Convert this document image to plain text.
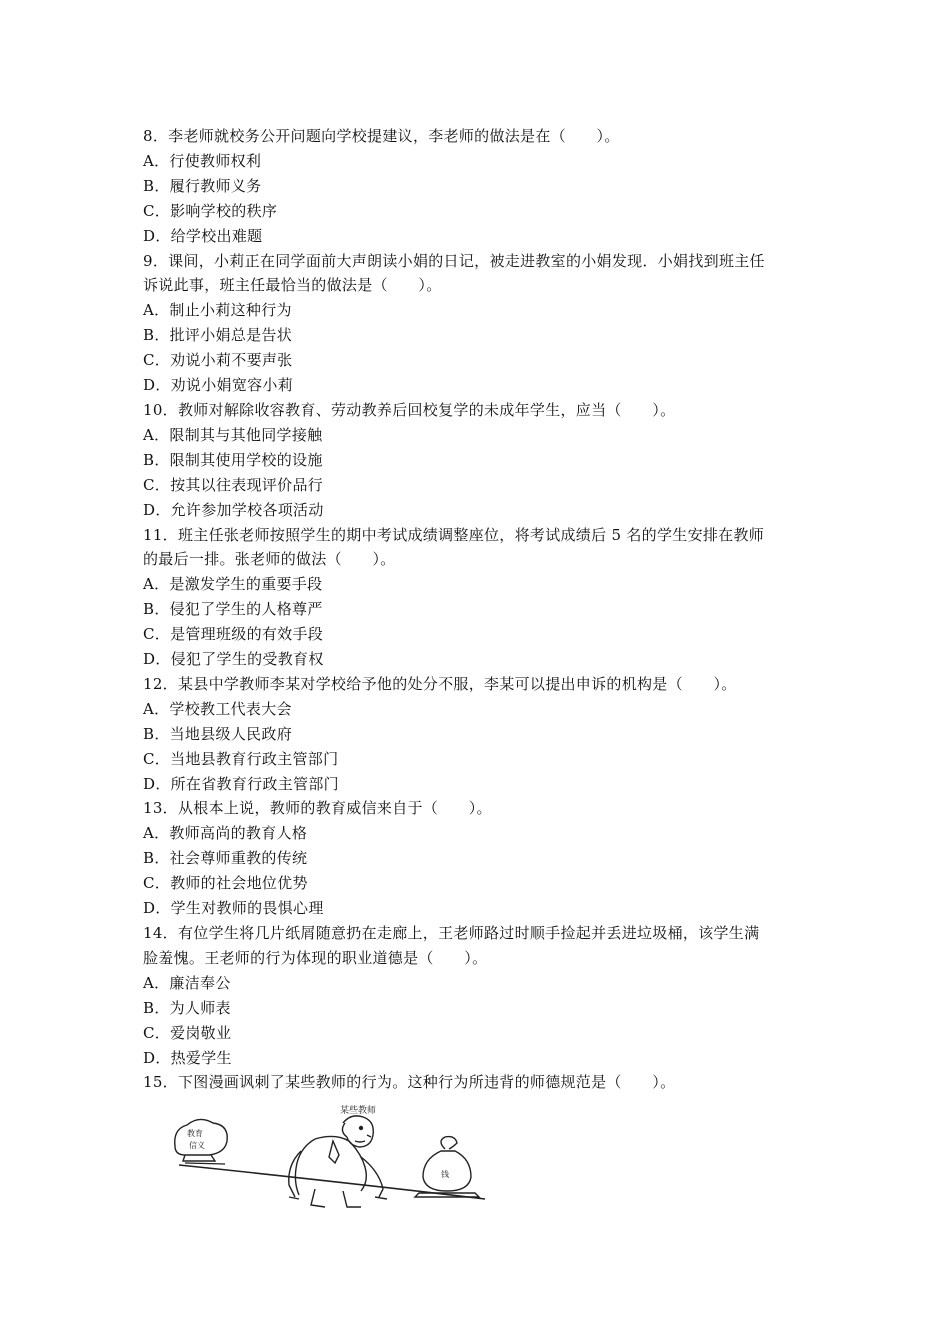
8．李老师就校务公开问题向学校提建议，李老师的做法是在（　　）。
A．行使教师权利
B．履行教师义务
C．影响学校的秩序
D．给学校出难题
9．课间，小莉正在同学面前大声朗读小娟的日记，被走进教室的小娟发现．小娟找到班主任
诉说此事，班主任最恰当的做法是（　　）。
A．制止小莉这种行为
B．批评小娟总是告状
C．劝说小莉不要声张
D．劝说小娟宽容小莉
10．教师对解除收容教育、劳动教养后回校复学的未成年学生，应当（　　）。
A．限制其与其他同学接触
B．限制其使用学校的设施
C．按其以往表现评价品行
D．允许参加学校各项活动
11．班主任张老师按照学生的期中考试成绩调整座位，将考试成绩后 5 名的学生安排在教师
的最后一排。张老师的做法（　　）。
A．是激发学生的重要手段
B．侵犯了学生的人格尊严
C．是管理班级的有效手段
D．侵犯了学生的受教育权
12．某县中学教师李某对学校给予他的处分不服，李某可以提出申诉的机构是（　　）。
A．学校教工代表大会
B．当地县级人民政府
C．当地县教育行政主管部门
D．所在省教育行政主管部门
13．从根本上说，教师的教育威信来自于（　　）。
A．教师高尚的教育人格
B．社会尊师重教的传统
C．教师的社会地位优势
D．学生对教师的畏惧心理
14．有位学生将几片纸屑随意扔在走廊上，王老师路过时顺手捡起并丢进垃圾桶，该学生满
脸羞愧。王老师的行为体现的职业道德是（　　）。
A．廉洁奉公
B．为人师表
C．爱岗敬业
D．热爱学生
15．下图漫画讽刺了某些教师的行为。这种行为所违背的师德规范是（　　）。
某些教师
教育
信义
钱
